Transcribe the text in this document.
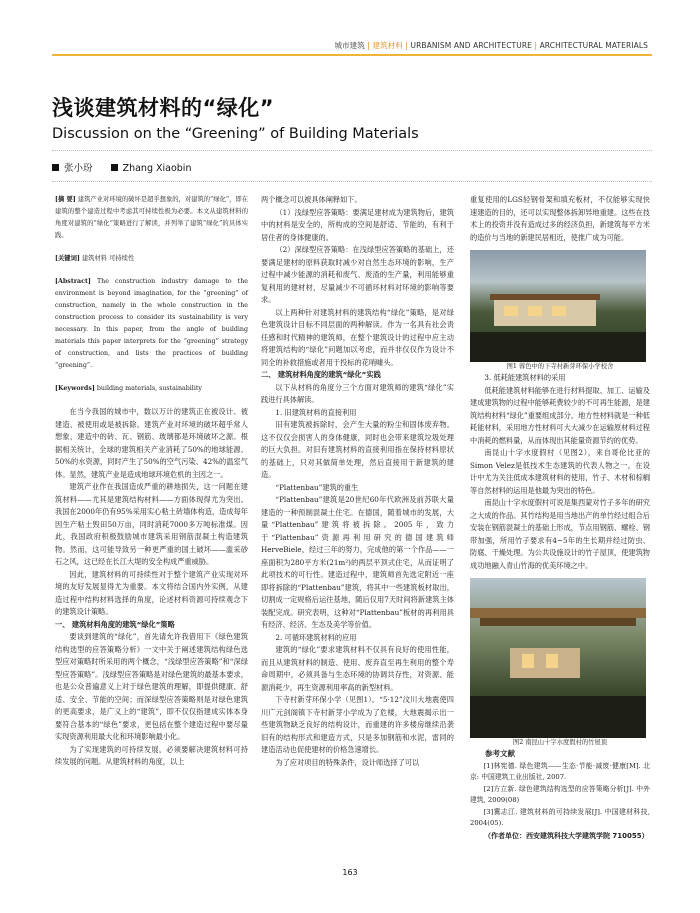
城市建筑 | 建筑材料 | URBANISM AND ARCHITECTURE | ARCHITECTURAL MATERIALS
浅谈建筑材料的“绿化”
Discussion on the “Greening” of Building Materials
张小玢	Zhang Xiaobin

[摘 要] 建筑产业对环境的破坏是超乎想象的，对建筑的“绿化”，即在建筑的整个建造过程中考虑其可持续性极为必要。本文从建筑材料的角度对建筑的“绿化”策略进行了解读，并列举了建筑“绿化”的具体实践。

[关键词] 建筑材料 可持续性

[Abstract] The construction industry damage to the environment is beyond imagination, for the “greening” of construction, namely in the whole construction in the construction process to consider its sustainability is very necessary. In this paper, from the angle of building materials this paper interprets for the “greening” strategy of construction, and lists the practices of building “greening”.

[Keywords] building materials, sustainability

在当今我国的城市中，数以万计的建筑正在被设计、被建造、被使用或是被拆除。建筑产业对环境的破坏超乎常人想象，建造中的砖、瓦、钢筋、玻璃都是环境破坏之源。根据相关统计，全球的建筑相关产业消耗了50%的地球能源、50%的水资源，同时产生了50%的空气污染、42%的温室气体。显然，建筑产业是造成地球环境危机的主因之一。

建筑产业作在我国造成严重的耕地损失，这一问题在建筑材料——尤其是建筑结构材料——方面体现得尤为突出。我国在2000年仍有95%采用实心粘土砖墙体构造，造成每年因生产粘土毁田50万亩，同时消耗7000多万吨标准煤。因此，我国政府积极鼓励城市建筑采用钢筋混凝土构造建筑物。然而，这可能导致另一种更严重的国土破坏——滥采砂石之风，这已经在长江大堤的安全构成严重威胁。

因此，建筑材料的可持续性对于整个建筑产业实现对环境的友好发展显得尤为重要。本文将结合国内外实例，从建造过程中结构材料选择的角度，论述材料资源可持续观念下的建筑设计策略。

一、 建筑材料角度的建筑“绿化”策略

要谈到建筑的“绿化”，首先请允许我借用下《绿色建筑结构选型的应答策略分析》一文中关于阐述建筑结构绿色选型应对策略时所采用的两个概念，“浅绿型应答策略”和“深绿型应答策略”。浅绿型应答策略是对绿色建筑的最基本要求，也是公众普遍意义上对于绿色建筑的理解，即提供健康、舒适、安全、节能的空间；而深绿型应答策略则是对绿色建筑的更高要求，是广义上的“建筑”，即不仅仅指建成实体本身要符合基本的“绿色”要求，更包括在整个建造过程中要尽量实现资源利用最大化和环境影响最小化。

为了实现建筑的可持续发展，必须要解决建筑材料可持续发展的问题。从建筑材料的角度，以上

两个概念可以被具体阐释如下。

（1）浅绿型应答策略：要满足建材成为建筑物后，建筑中的材料是安全的，所构成的空间是舒适、节能的，有利于居住者的身体健康的。

（2）深绿型应答策略：在浅绿型应答策略的基础上，还要满足建材的原料获取时减少对自然生态环境的影响，生产过程中减少能源的消耗和废气、废渣的生产量，利用能够重复利用的建材材，尽量减少不可循环材料对环境的影响等要求。

以上两种针对建筑材料的建筑结构“绿化”策略，是对绿色建筑设计目标不同层面的两种解读。作为一名具有社会责任感和时代精神的建筑师，在整个建筑设计的过程中应主动将建筑结构的“绿化”问题加以考虑，而并非仅仅作为设计不同全的补救措施或者用于投标的花哨噱头。

二、 建筑材料角度的建筑“绿化”实践

以下从材料的角度分三个方面对建筑师的建筑“绿化”实践进行具体解读。

1. 旧建筑材料的直接利用

旧有建筑被拆除时，会产生大量的粉尘和固体废弃物。这不仅仅会损害人的身体健康，同时也会带来建筑垃圾处理的巨大负担。对旧有建筑材料的直接利用指在保持材料原状的基础上，只对其做简单处理，然后直接用于新建筑的建造。

“Plattenbau”建筑的重生

“Plattenbau”建筑是20世纪60年代欧洲及前苏联大量建造的一种预制混凝土住宅。在德国，随着城市的发展，大量“Plattenbau”建筑将被拆除。2005年，致力于“Plattenbau”资源再利用研究的德国建筑师HerveBiele，经过三年的努力，完成他的第一个作品——一座面积为280平方米(21m²)的两层平顶式住宅，从而证明了此项技术的可行性。建造过程中，建筑师首先选定附近一座即将拆除的“Plattenbau”建筑，将其中一些建筑板材取出，切割成一定规格后运往基地，随后仅用7天时间将新建筑主体装配完成。研究表明，这种对“Plattenbau”板材的再利用具有经济、经济、生态及美学等价值。

2. 可循环建筑材料的应用

建筑的“绿化”要求建筑材料不仅具有良好的使用性能，而且从建筑材料的制造、使用、废弃直至再生利用的整个寿命周期中，必须具备与生态环境的协调共存性，对资源、能源消耗少，再生资源利用率高的新型材料。

下寺村新芽环保小学（见图1）。“5·12”汶川大地震使四川广元剑阁镇下寺村新芽小学成为了危楼，大地震揭示出一些建筑物缺乏良好的结构设计，而重建的许多楼房继续沿袭旧有的结构形式和建造方式，只是多加钢筋和水泥，雷同的建造活动也促使建材的价格急速增长。

为了应对项目的特殊条件，设计师选择了可以

重复使用的LGS轻钢骨架和填充板材，不仅能够实现快速建造的目的，还可以实现整体拆卸异地重建。这些在技术上的投资并没有造成过多的经济负担，新建筑每平方米的造价与当地的新建民居相近，使推广成为可能。

图1 蓉色中的下寺村新芽环保小学校舍

3. 低耗能建筑材料的采用

低耗能建筑材料能够在进行材料提取、加工、运输及建成建筑物的过程中能够耗费较少的不可再生能源，是建筑结构材料“绿化”重要组成部分。地方性材料就是一种低耗能材料，采用地方性材料可大大减少在运输原材料过程中消耗的燃料量，从而体现出其能量资源节约的优势。

南昆山十字水度假村（见图2），来自哥伦比亚的Simon Velez是低技术生态建筑的代表人物之一，在设计中尤为关注低成本建筑材料的使用，竹子、木材和棕榈等自然材料的运用是他最为突出的特色。

南昆山十字水度假村可说是集西蒙对竹子多年的研究之大成的作品。其竹结构是用当地出产的单竹经过组合后安装在钢筋混凝土的基础上形成，节点用钢筋、螺栓、钢带加强，所用竹子要求有4~5年的生长期并经过防虫、防腐、干燥处理。为公共设施设计的竹子屋顶，使建筑物成功地融入青山竹海的优美环境之中。

图2 南昆山十字水度假村的竹屋顶

参考文献

[1]林宪德. 绿色建筑——生态·节能·减废·健康[M]. 北京: 中国建筑工业出版社, 2007.

[2]方立新. 绿色建筑结构选型的应答策略分析[J]. 中外建筑, 2009(08)

[3]冀志江. 建筑材料的可持续发展[J]. 中国建材科技, 2004(05).

（作者单位：西安建筑科技大学建筑学院 710055）

163
